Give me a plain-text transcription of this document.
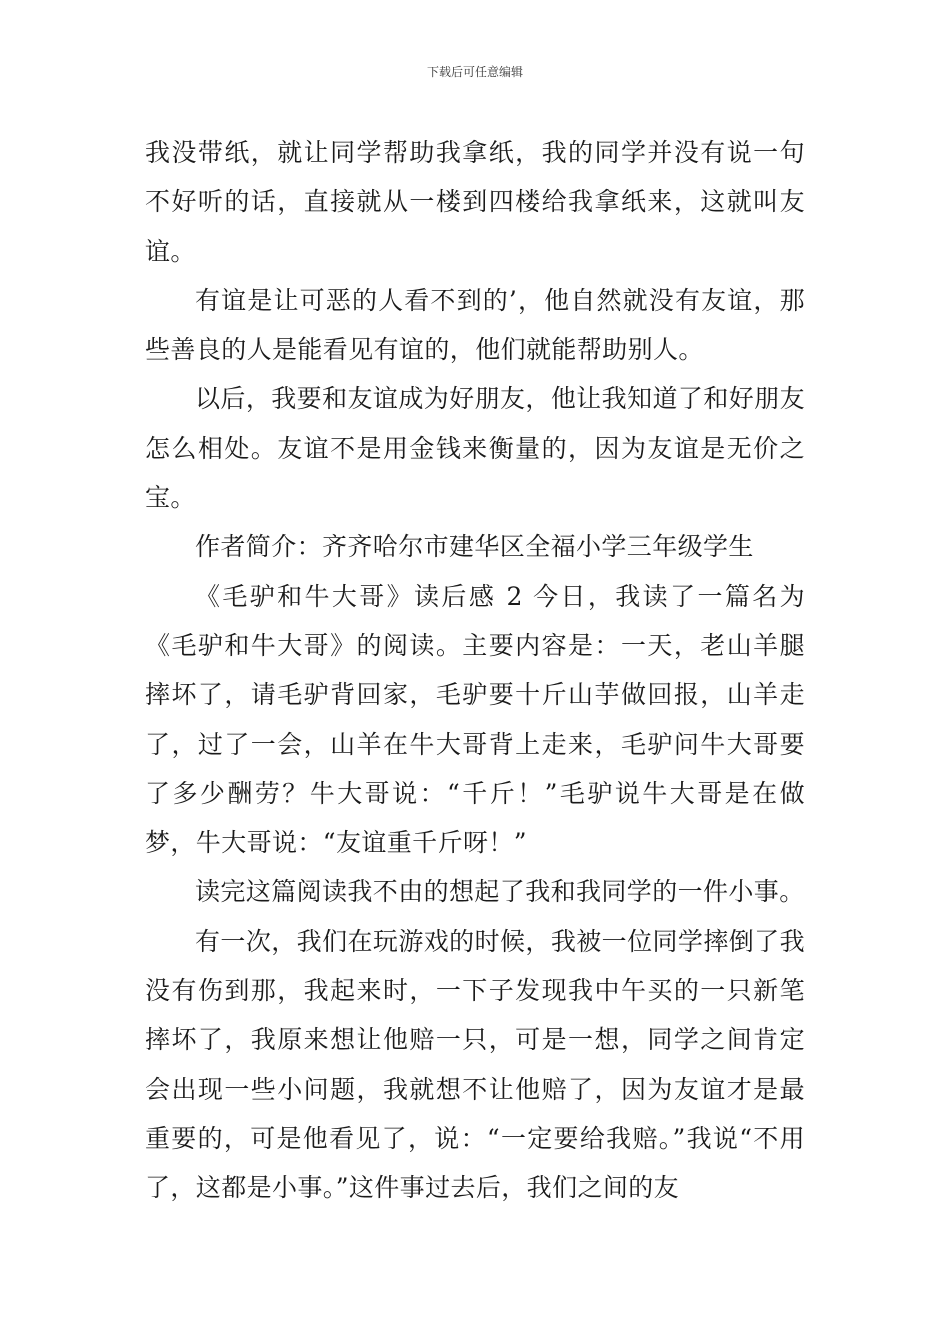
下载后可任意编辑

我没带纸，就让同学帮助我拿纸，我的同学并没有说一句不好听的话，直接就从一楼到四楼给我拿纸来，这就叫友谊。

有谊是让可恶的人看不到的’，他自然就没有友谊，那些善良的人是能看见有谊的，他们就能帮助别人。

以后，我要和友谊成为好朋友，他让我知道了和好朋友怎么相处。友谊不是用金钱来衡量的，因为友谊是无价之宝。

作者简介：齐齐哈尔市建华区全福小学三年级学生

《毛驴和牛大哥》读后感 2 今日，我读了一篇名为《毛驴和牛大哥》的阅读。主要内容是：一天，老山羊腿摔坏了，请毛驴背回家，毛驴要十斤山芋做回报，山羊走了，过了一会，山羊在牛大哥背上走来，毛驴问牛大哥要了多少酬劳？牛大哥说：“千斤！”毛驴说牛大哥是在做梦，牛大哥说：“友谊重千斤呀！”

读完这篇阅读我不由的想起了我和我同学的一件小事。

有一次，我们在玩游戏的时候，我被一位同学摔倒了我没有伤到那，我起来时，一下子发现我中午买的一只新笔摔坏了，我原来想让他赔一只，可是一想，同学之间肯定会出现一些小问题，我就想不让他赔了，因为友谊才是最重要的，可是他看见了，说：“一定要给我赔。”我说“不用了，这都是小事。”这件事过去后，我们之间的友
